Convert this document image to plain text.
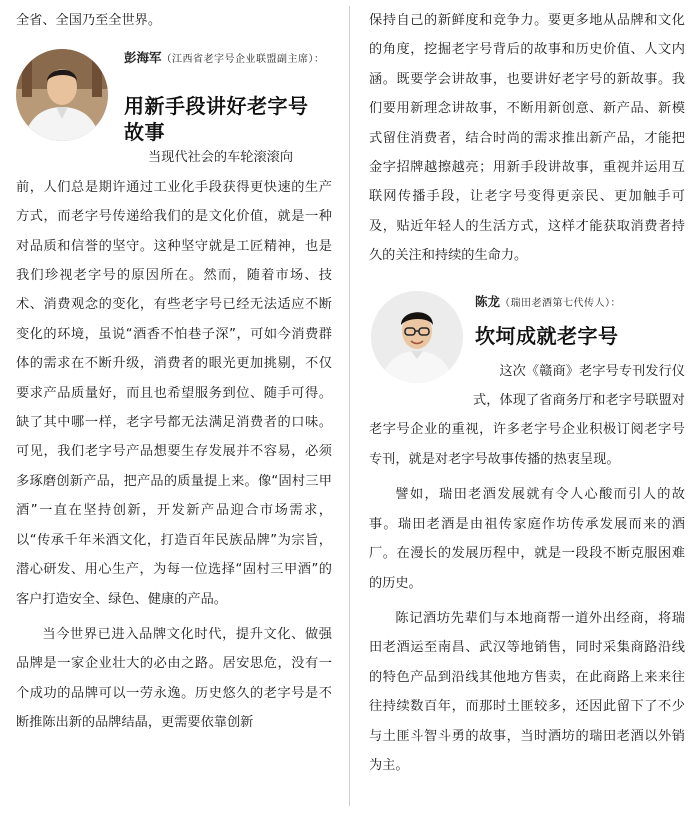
全省、全国乃至全世界。

彭海军（江西省老字号企业联盟副主席）：
用新手段讲好老字号
故事

当现代社会的车轮滚滚向

前，人们总是期许通过工业化手段获得更快速的生产方式，而老字号传递给我们的是文化价值，就是一种对品质和信誉的坚守。这种坚守就是工匠精神，也是我们珍视老字号的原因所在。然而，随着市场、技术、消费观念的变化，有些老字号已经无法适应不断变化的环境，虽说“酒香不怕巷子深”，可如今消费群体的需求在不断升级，消费者的眼光更加挑剔，不仅要求产品质量好，而且也希望服务到位、随手可得。缺了其中哪一样，老字号都无法满足消费者的口味。可见，我们老字号产品想要生存发展并不容易，必须多琢磨创新产品，把产品的质量提上来。像“固村三甲酒”一直在坚持创新，开发新产品迎合市场需求，以“传承千年米酒文化，打造百年民族品牌”为宗旨，潜心研发、用心生产，为每一位选择“固村三甲酒”的客户打造安全、绿色、健康的产品。

当今世界已进入品牌文化时代，提升文化、做强品牌是一家企业壮大的必由之路。居安思危，没有一个成功的品牌可以一劳永逸。历史悠久的老字号是不断推陈出新的品牌结晶，更需要依靠创新

保持自己的新鲜度和竞争力。要更多地从品牌和文化的角度，挖掘老字号背后的故事和历史价值、人文内涵。既要学会讲故事，也要讲好老字号的新故事。我们要用新理念讲故事，不断用新创意、新产品、新模式留住消费者，结合时尚的需求推出新产品，才能把金字招牌越擦越亮；用新手段讲故事，重视并运用互联网传播手段，让老字号变得更亲民、更加触手可及，贴近年轻人的生活方式，这样才能获取消费者持久的关注和持续的生命力。

陈龙（瑞田老酒第七代传人）：
坎坷成就老字号

这次《赣商》老字号专刊发行仪式，体现了省商务厅和老字号联盟对老字号企业的重视，许多老字号企业积极订阅老字号专刊，就是对老字号故事传播的热衷呈现。

譬如，瑞田老酒发展就有令人心酸而引人的故事。瑞田老酒是由祖传家庭作坊传承发展而来的酒厂。在漫长的发展历程中，就是一段段不断克服困难的历史。

陈记酒坊先辈们与本地商帮一道外出经商，将瑞田老酒运至南昌、武汉等地销售，同时采集商路沿线的特色产品到沿线其他地方售卖，在此商路上来来往往持续数百年，而那时土匪较多，还因此留下了不少与土匪斗智斗勇的故事，当时酒坊的瑞田老酒以外销为主。
